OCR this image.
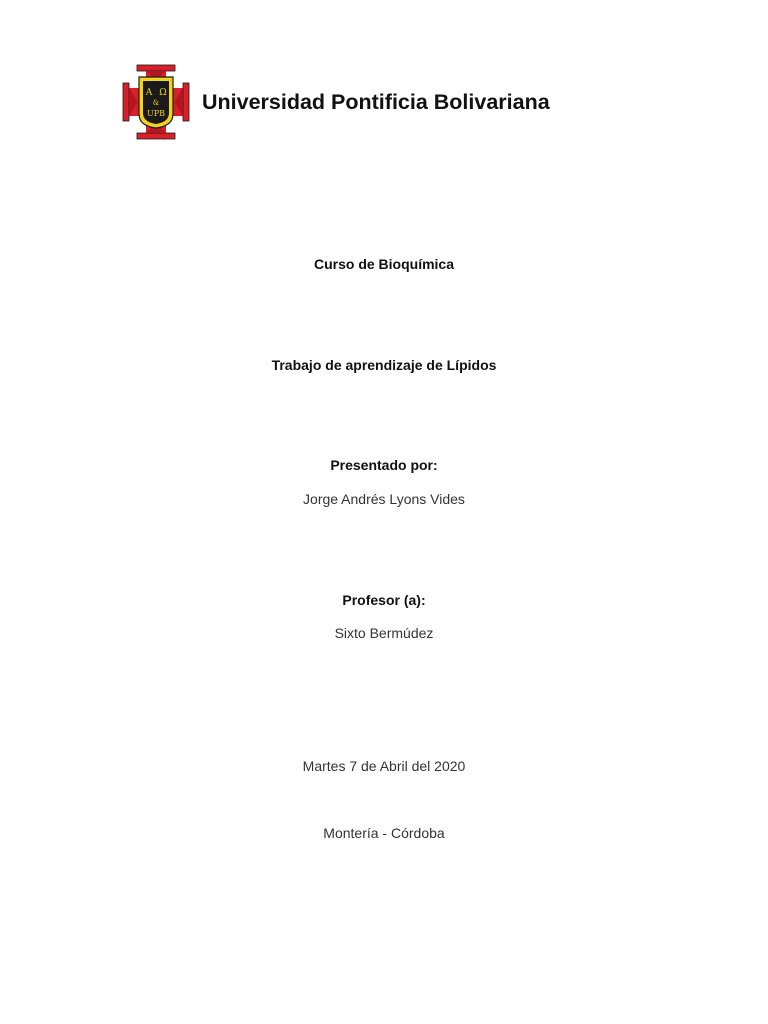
A Ω
&
UPB Universidad Pontificia Bolivariana
Curso de Bioquímica
Trabajo de aprendizaje de Lípidos
Presentado por:
Jorge Andrés Lyons Vides
Profesor (a):
Sixto Bermúdez
Martes 7 de Abril del 2020
Montería - Córdoba
